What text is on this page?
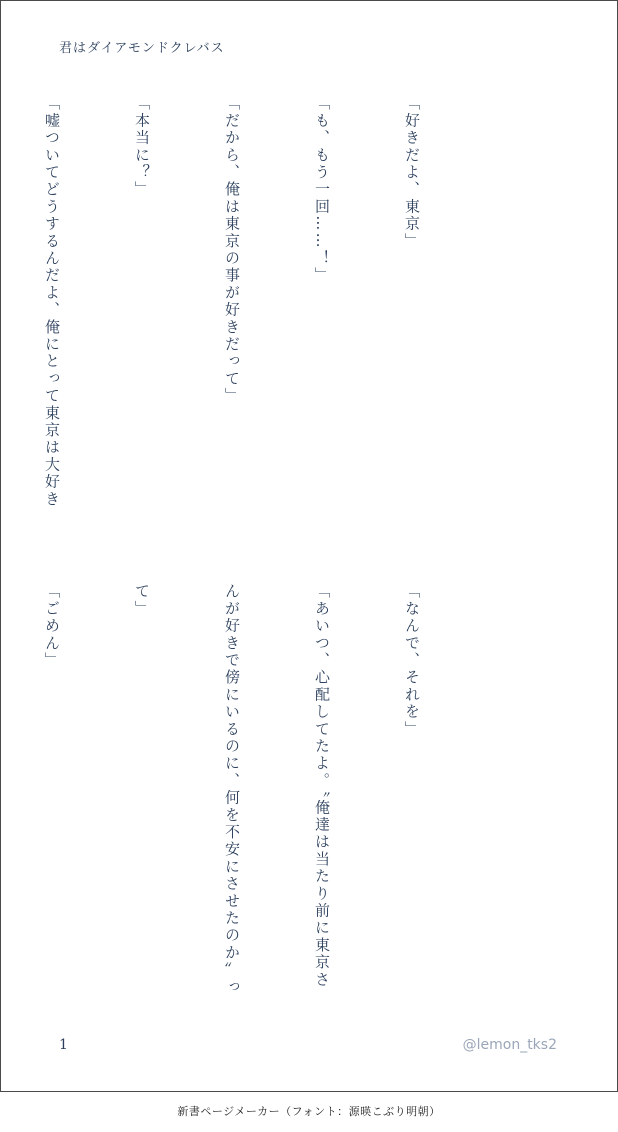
君はダイアモンドクレバス

「好きだよ、東京」

「も、もう一回……！」

「だから、俺は東京の事が好きだって」

「本当に？」

「嘘ついてどうするんだよ、俺にとって東京は大好き

「なんで、それを」

「あいつ、心配してたよ。〝俺達は当たり前に東京さ

んが好きで傍にいるのに、何を不安にさせたのか〟っ

て」

「ごめん」

1	@lemon_tks2
新書ページメーカー（フォント：源暎こぶり明朝）
